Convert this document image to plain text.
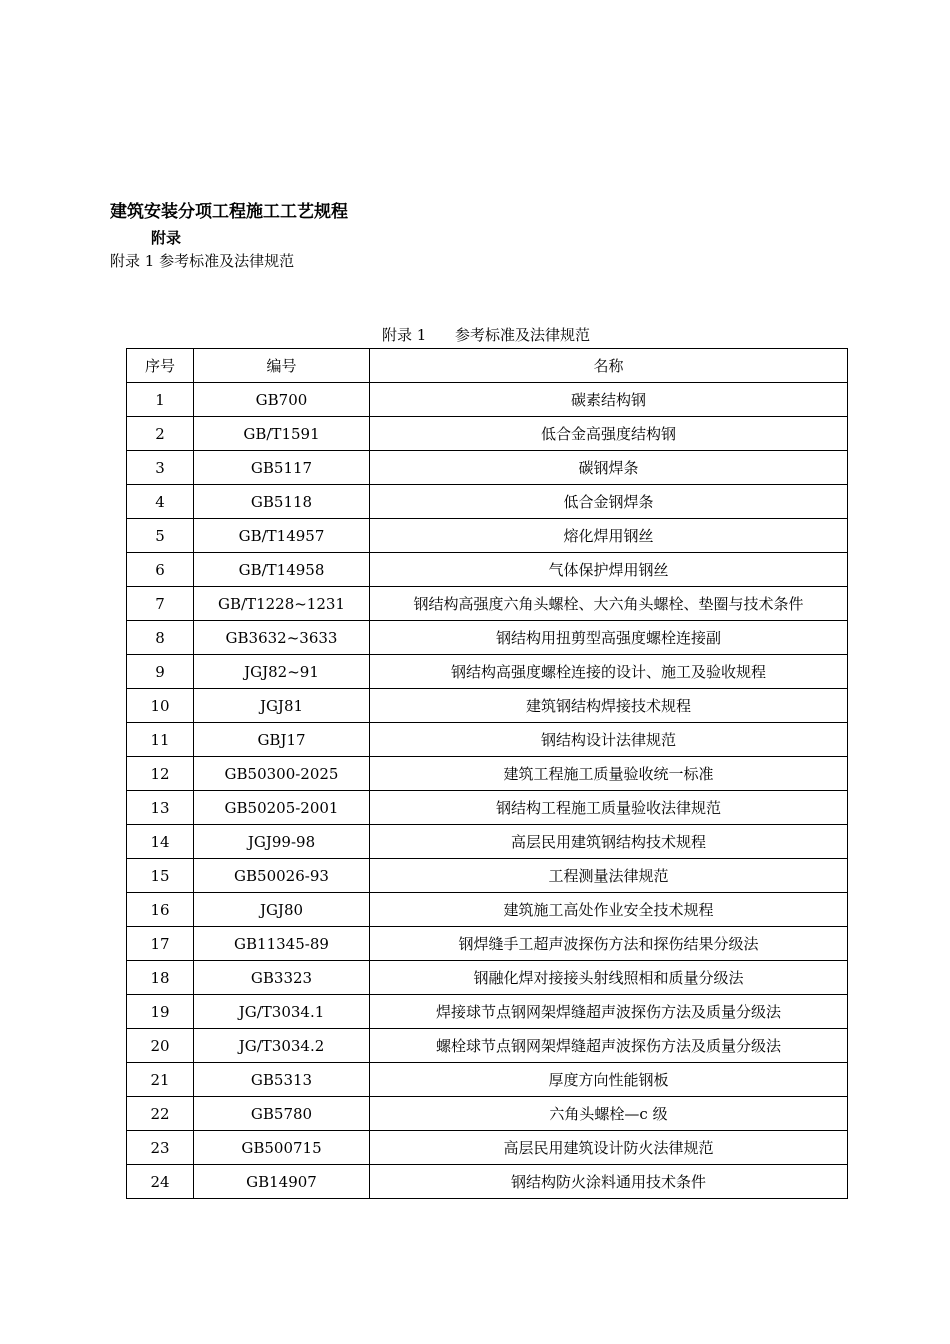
建筑安装分项工程施工工艺规程
附录
附录 1 参考标准及法律规范
附录 1      参考标准及法律规范
序号	编号	名称
1	GB700	碳素结构钢
2	GB/T1591	低合金高强度结构钢
3	GB5117	碳钢焊条
4	GB5118	低合金钢焊条
5	GB/T14957	熔化焊用钢丝
6	GB/T14958	气体保护焊用钢丝
7	GB/T1228~1231	钢结构高强度六角头螺栓、大六角头螺栓、垫圈与技术条件
8	GB3632~3633	钢结构用扭剪型高强度螺栓连接副
9	JGJ82~91	钢结构高强度螺栓连接的设计、施工及验收规程
10	JGJ81	建筑钢结构焊接技术规程
11	GBJ17	钢结构设计法律规范
12	GB50300-2025	建筑工程施工质量验收统一标准
13	GB50205-2001	钢结构工程施工质量验收法律规范
14	JGJ99-98	高层民用建筑钢结构技术规程
15	GB50026-93	工程测量法律规范
16	JGJ80	建筑施工高处作业安全技术规程
17	GB11345-89	钢焊缝手工超声波探伤方法和探伤结果分级法
18	GB3323	钢融化焊对接接头射线照相和质量分级法
19	JG/T3034.1	焊接球节点钢网架焊缝超声波探伤方法及质量分级法
20	JG/T3034.2	螺栓球节点钢网架焊缝超声波探伤方法及质量分级法
21	GB5313	厚度方向性能钢板
22	GB5780	六角头螺栓—c 级
23	GB500715	高层民用建筑设计防火法律规范
24	GB14907	钢结构防火涂料通用技术条件
